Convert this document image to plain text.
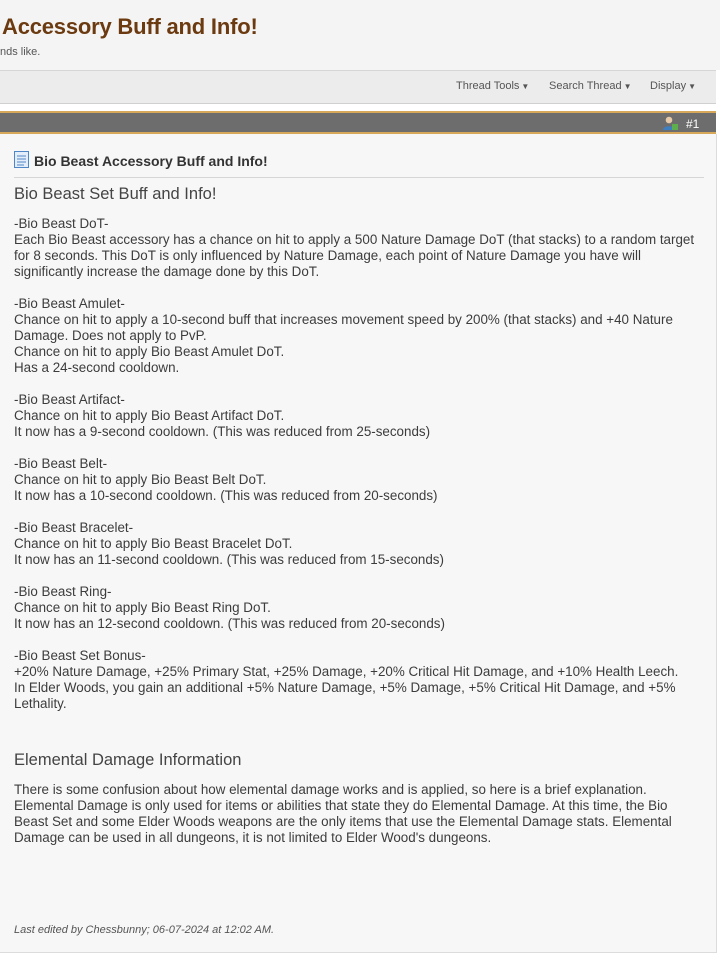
Accessory Buff and Info!
nds like.
Thread Tools ▼ Search Thread ▼ Display ▼
#1
Bio Beast Accessory Buff and Info!
Bio Beast Set Buff and Info!
-Bio Beast DoT-
Each Bio Beast accessory has a chance on hit to apply a 500 Nature Damage DoT (that stacks) to a random target for 8 seconds. This DoT is only influenced by Nature Damage, each point of Nature Damage you have will significantly increase the damage done by this DoT.
-Bio Beast Amulet-
Chance on hit to apply a 10-second buff that increases movement speed by 200% (that stacks) and +40 Nature Damage. Does not apply to PvP.
Chance on hit to apply Bio Beast Amulet DoT.
Has a 24-second cooldown.
-Bio Beast Artifact-
Chance on hit to apply Bio Beast Artifact DoT.
It now has a 9-second cooldown. (This was reduced from 25-seconds)
-Bio Beast Belt-
Chance on hit to apply Bio Beast Belt DoT.
It now has a 10-second cooldown. (This was reduced from 20-seconds)
-Bio Beast Bracelet-
Chance on hit to apply Bio Beast Bracelet DoT.
It now has an 11-second cooldown. (This was reduced from 15-seconds)
-Bio Beast Ring-
Chance on hit to apply Bio Beast Ring DoT.
It now has an 12-second cooldown. (This was reduced from 20-seconds)
-Bio Beast Set Bonus-
+20% Nature Damage, +25% Primary Stat, +25% Damage, +20% Critical Hit Damage, and +10% Health Leech.
In Elder Woods, you gain an additional +5% Nature Damage, +5% Damage, +5% Critical Hit Damage, and +5% Lethality.
Elemental Damage Information
There is some confusion about how elemental damage works and is applied, so here is a brief explanation. Elemental Damage is only used for items or abilities that state they do Elemental Damage. At this time, the Bio Beast Set and some Elder Woods weapons are the only items that use the Elemental Damage stats. Elemental Damage can be used in all dungeons, it is not limited to Elder Wood's dungeons.
Last edited by Chessbunny; 06-07-2024 at 12:02 AM.
